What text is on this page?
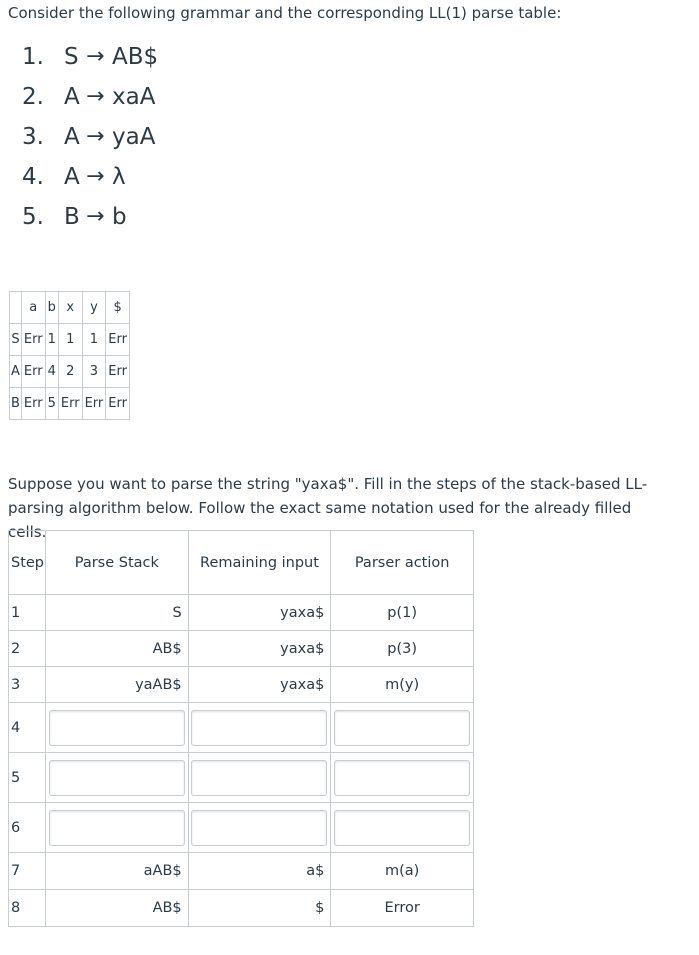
Consider the following grammar and the corresponding LL(1) parse table:
1. S → AB$
2. A → xaA
3. A → yaA
4. A → λ
5. B → b
	a	b	x	y	$
S	Err	1	1	1	Err
A	Err	4	2	3	Err
B	Err	5	Err	Err	Err
Suppose you want to parse the string "yaxa$". Fill in the steps of the stack-based LL-parsing algorithm below. Follow the exact same notation used for the already filled cells.
Step	Parse Stack	Remaining input	Parser action
1	S	yaxa$	p(1)
2	AB$	yaxa$	p(3)
3	yaAB$	yaxa$	m(y)
4	

5	

6	

7	aAB$	a$	m(a)
8	AB$	$	Error
